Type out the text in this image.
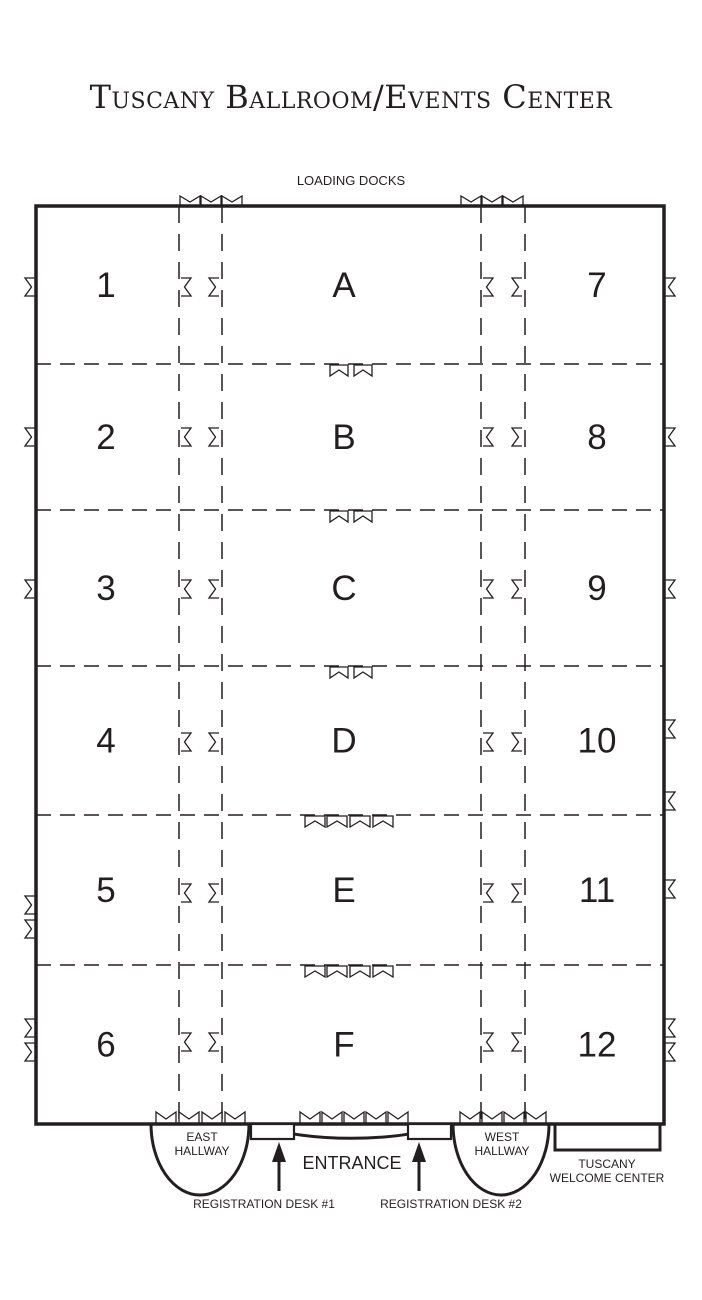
Tuscany Ballroom/Events Center
LOADING DOCKS
1
2
3
4
5
6
A
B
C
D
E
F
7
8
9
10
11
12
EAST
HALLWAY
WEST
HALLWAY
ENTRANCE	TUSCANY
WELCOME CENTER
REGISTRATION DESK #1	REGISTRATION DESK #2
